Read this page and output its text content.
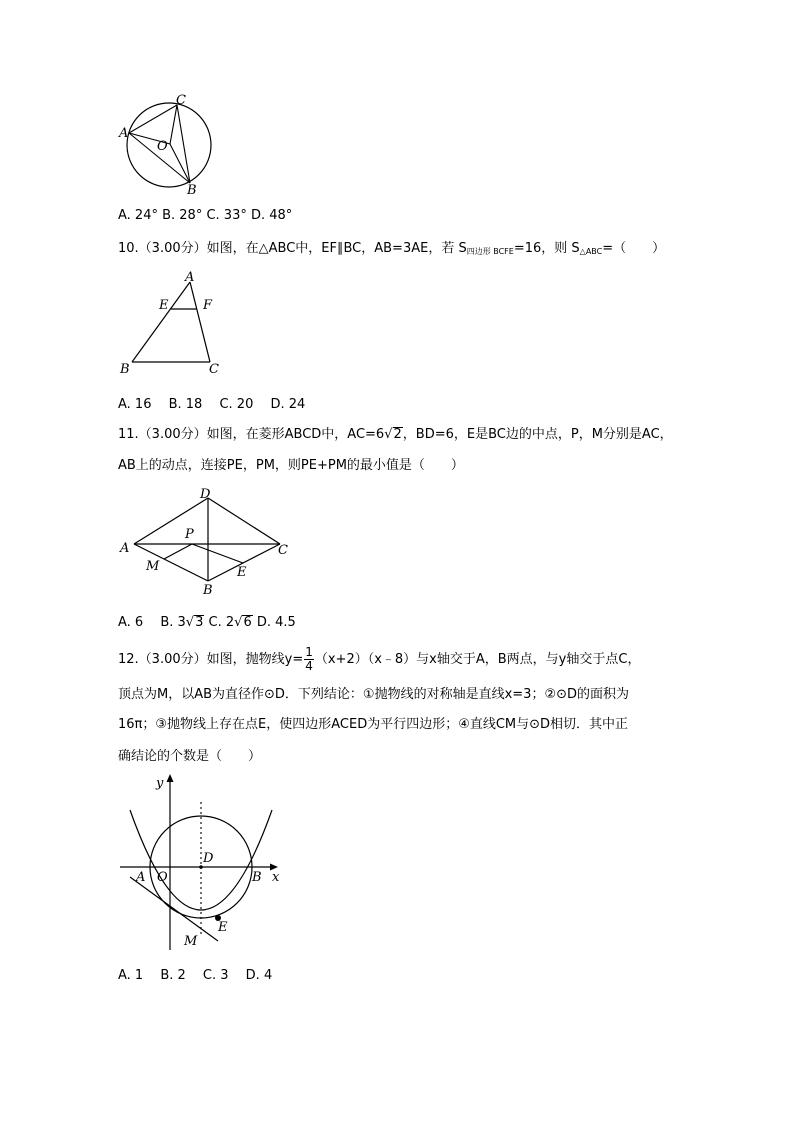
C
A
O
B
A. 24° B. 28° C. 33° D. 48°
10.（3.00分）如图，在△ABC中，EF∥BC，AB=3AE，若 $S_{四边形 BCFE}=16$，则 $S_{\triangle ABC}=$（　　）
A
E	F
B	C
A. 16　 B. 18　 C. 20　 D. 24
11.（3.00分）如图，在菱形ABCD中，AC=6√2，BD=6，E是BC边的中点，P，M分别是AC，
AB上的动点，连接PE，PM，则PE+PM的最小值是（　　）
D
P
A	C
M	E
B
A. 6　 B. 3√3 C. 2√6 D. 4.5
12.（3.00分）如图，抛物线$y= \frac{1}{4}$ （x+2）（x﹣8）与x轴交于A，B两点，与y轴交于点C，
顶点为M，以AB为直径作⊙D．下列结论：①抛物线的对称轴是直线x=3；②⊙D的面积为
16π；③抛物线上存在点E，使四边形ACED为平行四边形；④直线CM与⊙D相切．其中正
确结论的个数是（　　）
y
D
A O	B x
E
M
A. 1　 B. 2　 C. 3　 D. 4
